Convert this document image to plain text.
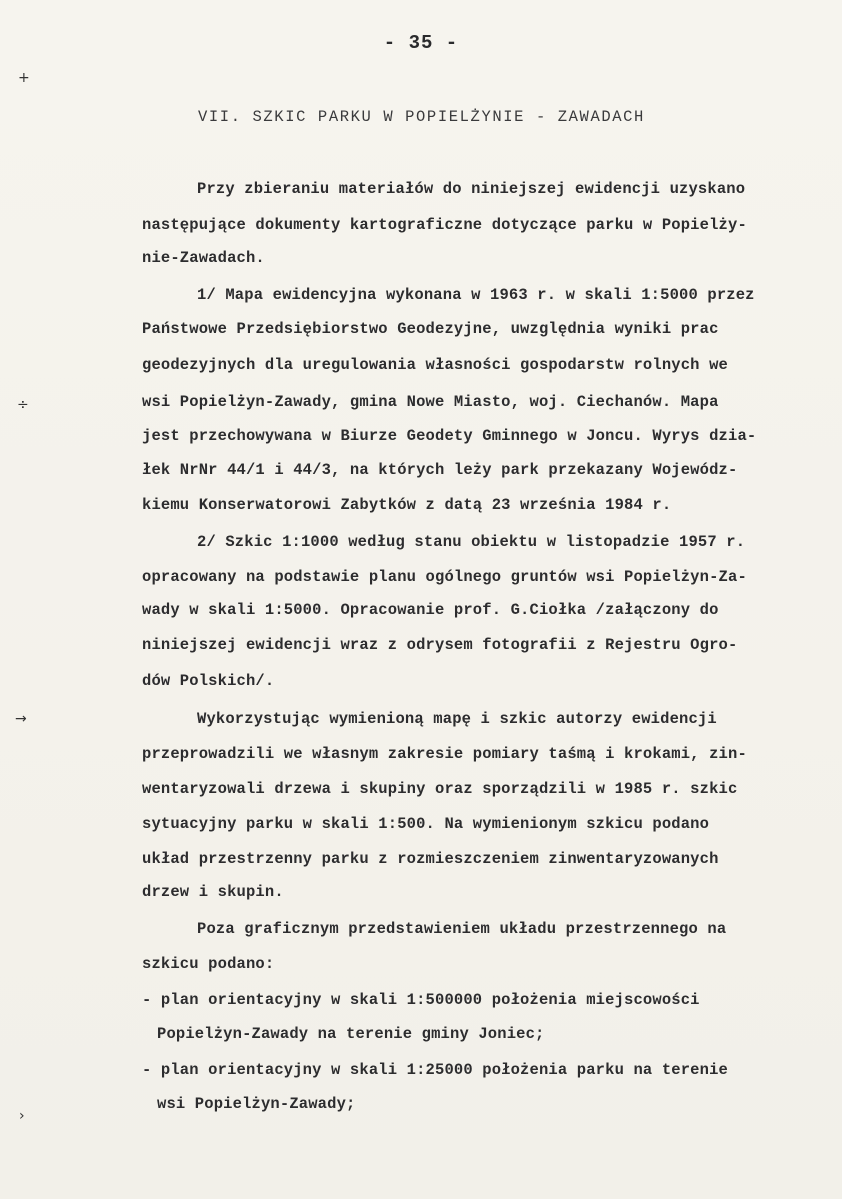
- 35 -
VII. SZKIC PARKU W POPIELŻYNIE - ZAWADACH
Przy zbieraniu materiałów do niniejszej ewidencji uzyskano
następujące dokumenty kartograficzne dotyczące parku w Popielży-
nie-Zawadach.
1/ Mapa ewidencyjna wykonana w 1963 r. w skali 1:5000 przez
Państwowe Przedsiębiorstwo Geodezyjne, uwzględnia wyniki prac
geodezyjnych dla uregulowania własności gospodarstw rolnych we
wsi Popielżyn-Zawady, gmina Nowe Miasto, woj. Ciechanów. Mapa
jest przechowywana w Biurze Geodety Gminnego w Joncu. Wyrys dzia-
łek NrNr 44/1 i 44/3, na których leży park przekazany Wojewódz-
kiemu Konserwatorowi Zabytków z datą 23 września 1984 r.
2/ Szkic 1:1000 według stanu obiektu w listopadzie 1957 r.
opracowany na podstawie planu ogólnego gruntów wsi Popielżyn-Za-
wady w skali 1:5000. Opracowanie prof. G.Ciołka /załączony do
niniejszej ewidencji wraz z odrysem fotografii z Rejestru Ogro-
dów Polskich/.
Wykorzystując wymienioną mapę i szkic autorzy ewidencji
przeprowadzili we własnym zakresie pomiary taśmą i krokami, zin-
wentaryzowali drzewa i skupiny oraz sporządzili w 1985 r. szkic
sytuacyjny parku w skali 1:500. Na wymienionym szkicu podano
układ przestrzenny parku z rozmieszczeniem zinwentaryzowanych
drzew i skupin.
Poza graficznym przedstawieniem układu przestrzennego na
szkicu podano:
- plan orientacyjny w skali 1:500000 położenia miejscowości
Popielżyn-Zawady na terenie gminy Joniec;
- plan orientacyjny w skali 1:25000 położenia parku na terenie
wsi Popielżyn-Zawady;
+
÷
→
›
